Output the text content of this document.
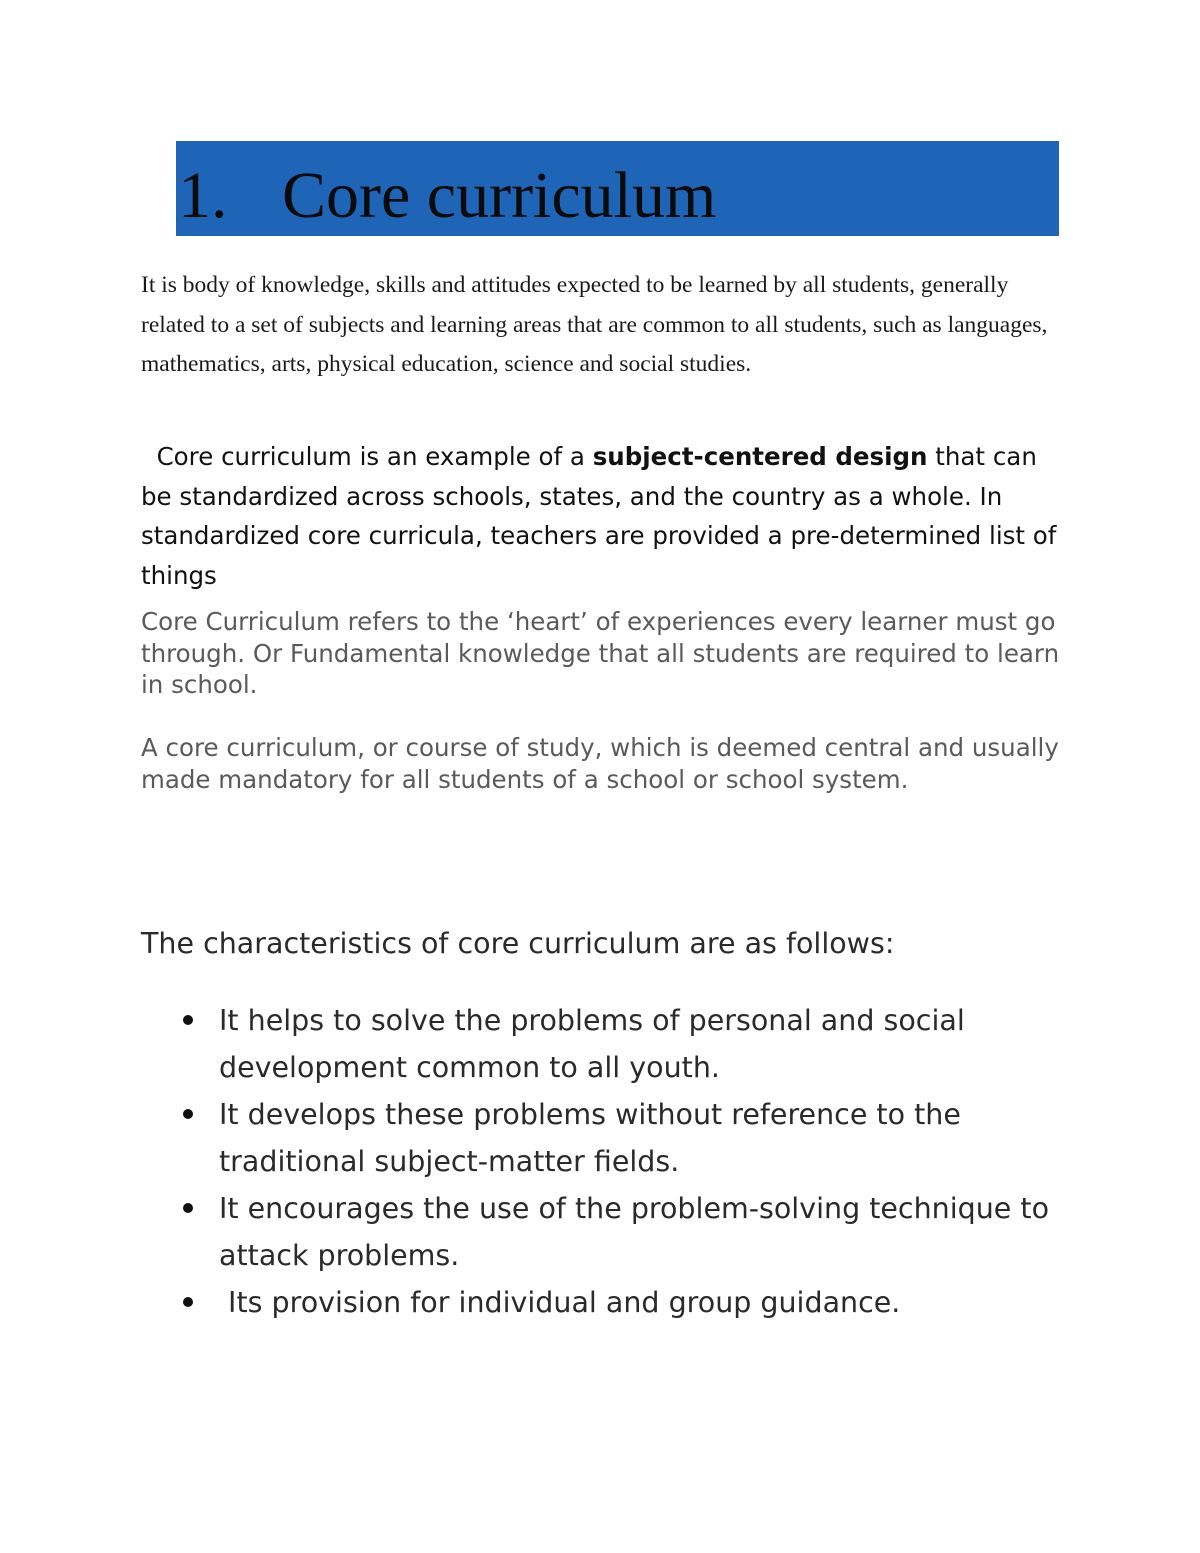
1. Core curriculum

It is body of knowledge, skills and attitudes expected to be learned by all students, generally related to a set of subjects and learning areas that are common to all students, such as languages, mathematics, arts, physical education, science and social studies.

Core curriculum is an example of a subject-centered design that can be standardized across schools, states, and the country as a whole. In standardized core curricula, teachers are provided a pre-determined list of things

Core Curriculum refers to the ‘heart’ of experiences every learner must go through. Or Fundamental knowledge that all students are required to learn in school.

A core curriculum, or course of study, which is deemed central and usually made mandatory for all students of a school or school system.

The characteristics of core curriculum are as follows:

It helps to solve the problems of personal and social development common to all youth.
It develops these problems without reference to the traditional subject-matter fields.
It encourages the use of the problem-solving technique to attack problems.
Its provision for individual and group guidance.
